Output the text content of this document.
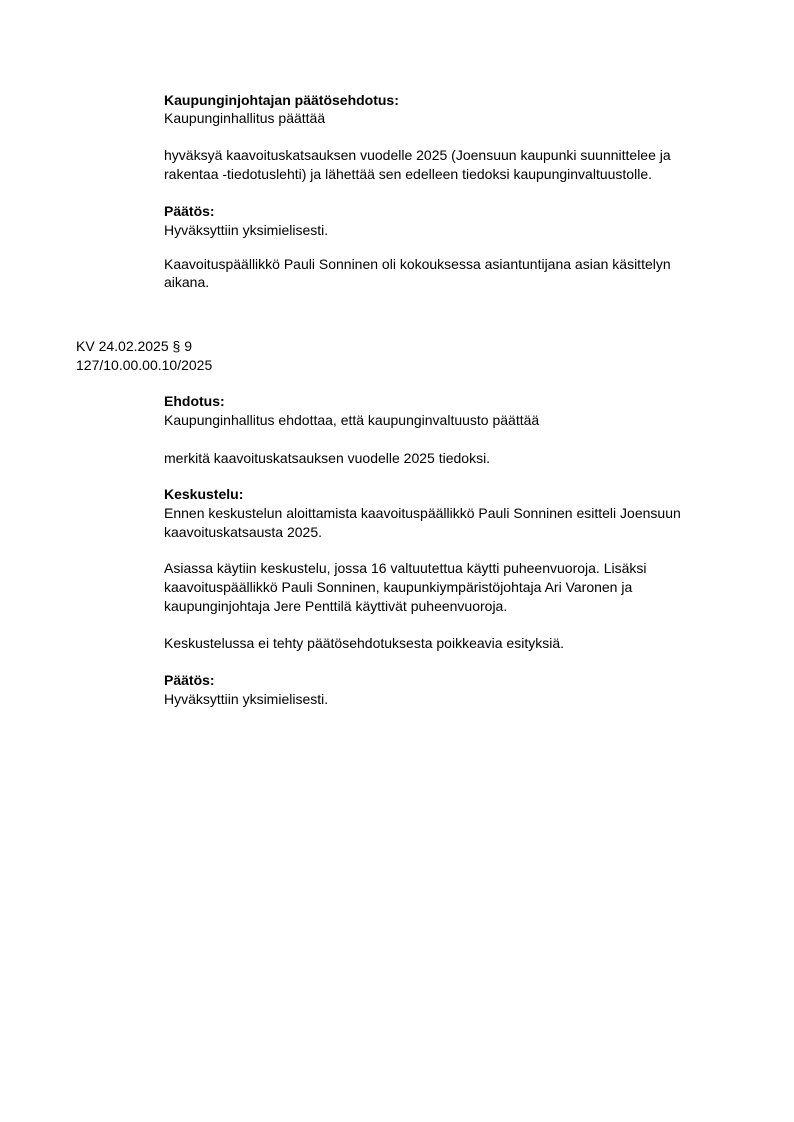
Kaupunginjohtajan päätösehdotus:
Kaupunginhallitus päättää
hyväksyä kaavoituskatsauksen vuodelle 2025 (Joensuun kaupunki suunnittelee ja
rakentaa -tiedotuslehti) ja lähettää sen edelleen tiedoksi kaupunginvaltuustolle.
Päätös:
Hyväksyttiin yksimielisesti.
Kaavoituspäällikkö Pauli Sonninen oli kokouksessa asiantuntijana asian käsittelyn
aikana.
KV 24.02.2025 § 9
127/10.00.00.10/2025
Ehdotus:
Kaupunginhallitus ehdottaa, että kaupunginvaltuusto päättää
merkitä kaavoituskatsauksen vuodelle 2025 tiedoksi.
Keskustelu:
Ennen keskustelun aloittamista kaavoituspäällikkö Pauli Sonninen esitteli Joensuun
kaavoituskatsausta 2025.
Asiassa käytiin keskustelu, jossa 16 valtuutettua käytti puheenvuoroja. Lisäksi
kaavoituspäällikkö Pauli Sonninen, kaupunkiympäristöjohtaja Ari Varonen ja
kaupunginjohtaja Jere Penttilä käyttivät puheenvuoroja.
Keskustelussa ei tehty päätösehdotuksesta poikkeavia esityksiä.
Päätös:
Hyväksyttiin yksimielisesti.
